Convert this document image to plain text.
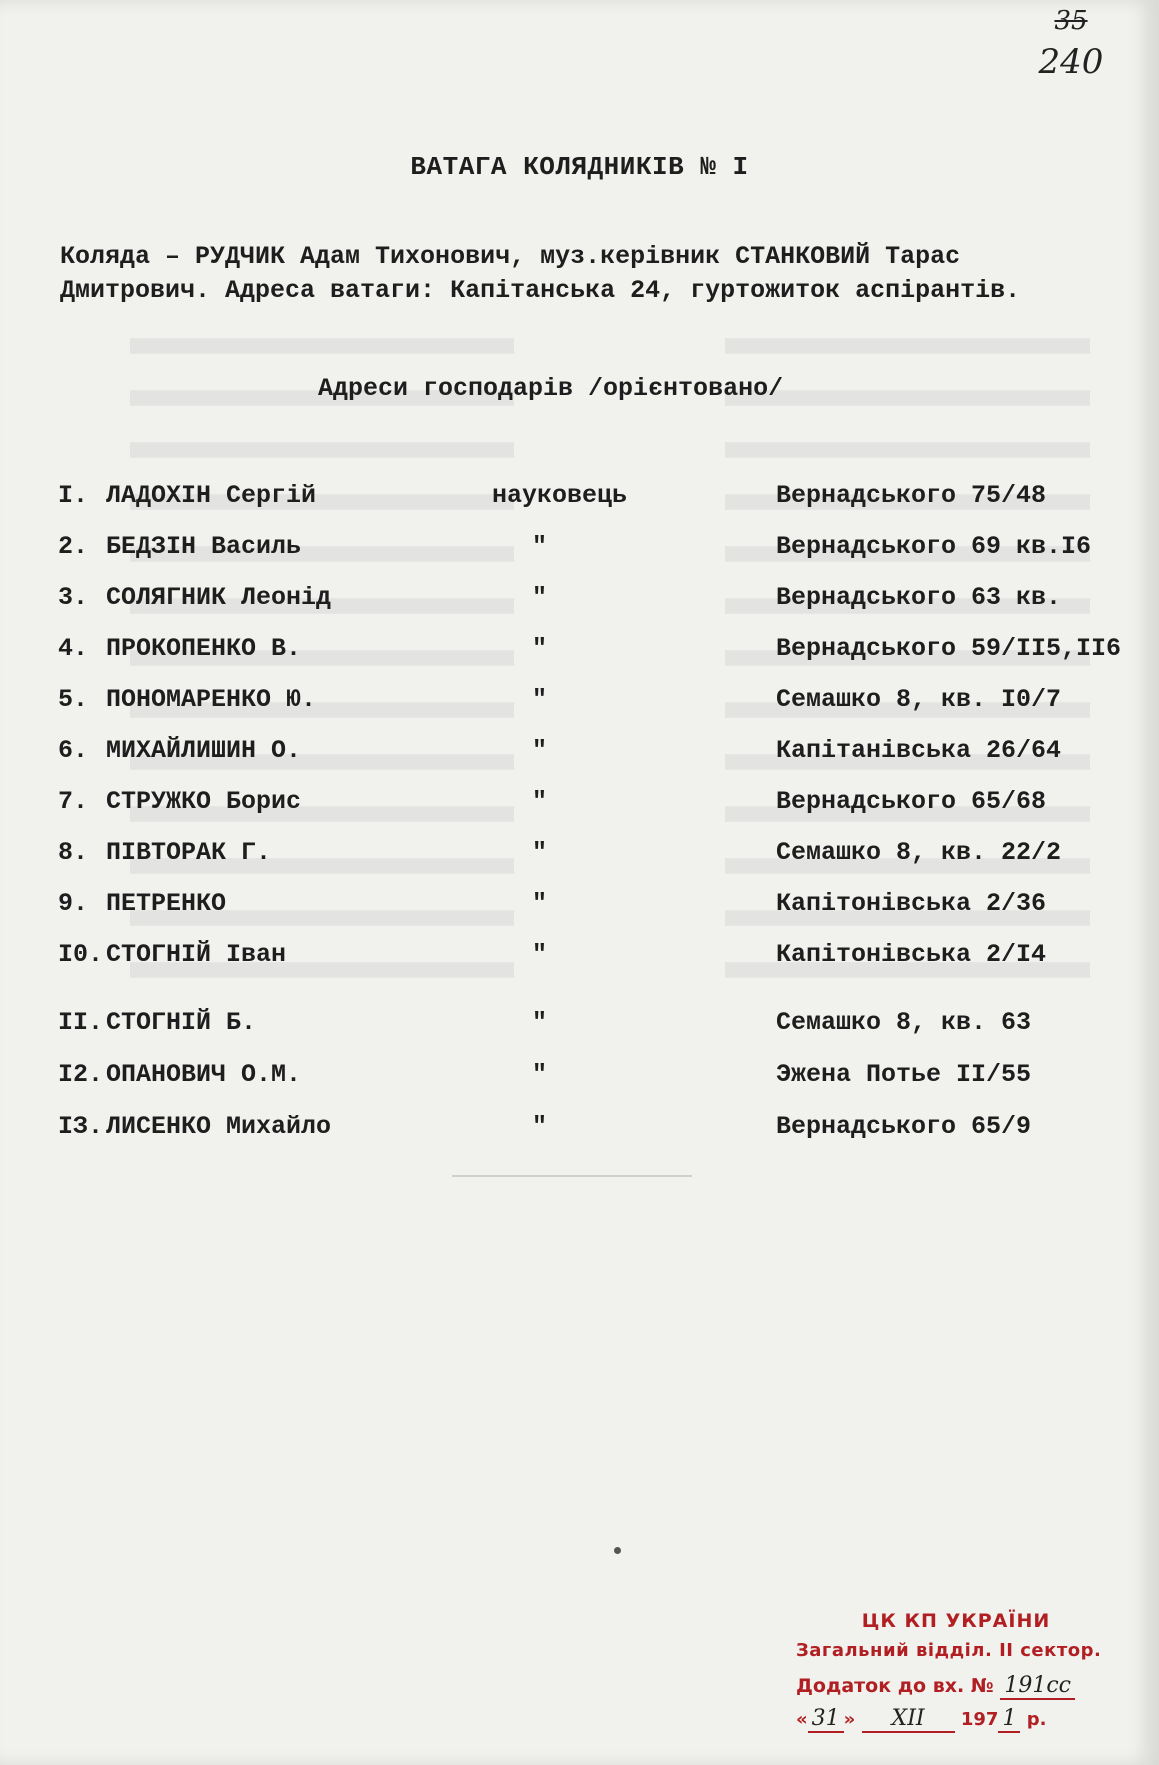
35
240
ВАТАГА КОЛЯДНИКІВ № І
Коляда – РУДЧИК Адам Тихонович, муз.керівник СТАНКОВИЙ Тарас Дмитрович. Адреса ватаги: Капітанська 24, гуртожиток аспірантів.
Адреси господарів /орієнтовано/
І. ЛАДОХІН Сергій	науковець	Вернадського 75/48
2. БЕДЗІН Василь	"	Вернадського 69 кв.І6
3. СОЛЯГНИК Леонід	"	Вернадського 63 кв.
4. ПРОКОПЕНКО В.	"	Вернадського 59/ІІ5,ІІ6
5. ПОНОМАРЕНКО Ю.	"	Семашко 8, кв. І0/7
6. МИХАЙЛИШИН О.	"	Капітанівська 26/64
7. СТРУЖКО Борис	"	Вернадського 65/68
8. ПІВТОРАК Г.	"	Семашко 8, кв. 22/2
9. ПЕТРЕНКО	"	Капітонівська 2/36
І0. СТОГНІЙ Іван	"	Капітонівська 2/І4
ІІ. СТОГНІЙ Б.	"	Семашко 8, кв. 63
І2. ОПАНОВИЧ О.М.	"	Эжена Потье ІІ/55
ІЗ. ЛИСЕНКО Михайло	"	Вернадського 65/9
ЦК КП УКРАЇНИ
Загальний відділ. ІІ сектор.
Додаток до вх. № 191сс
« 31 » XII 197 1 р.
